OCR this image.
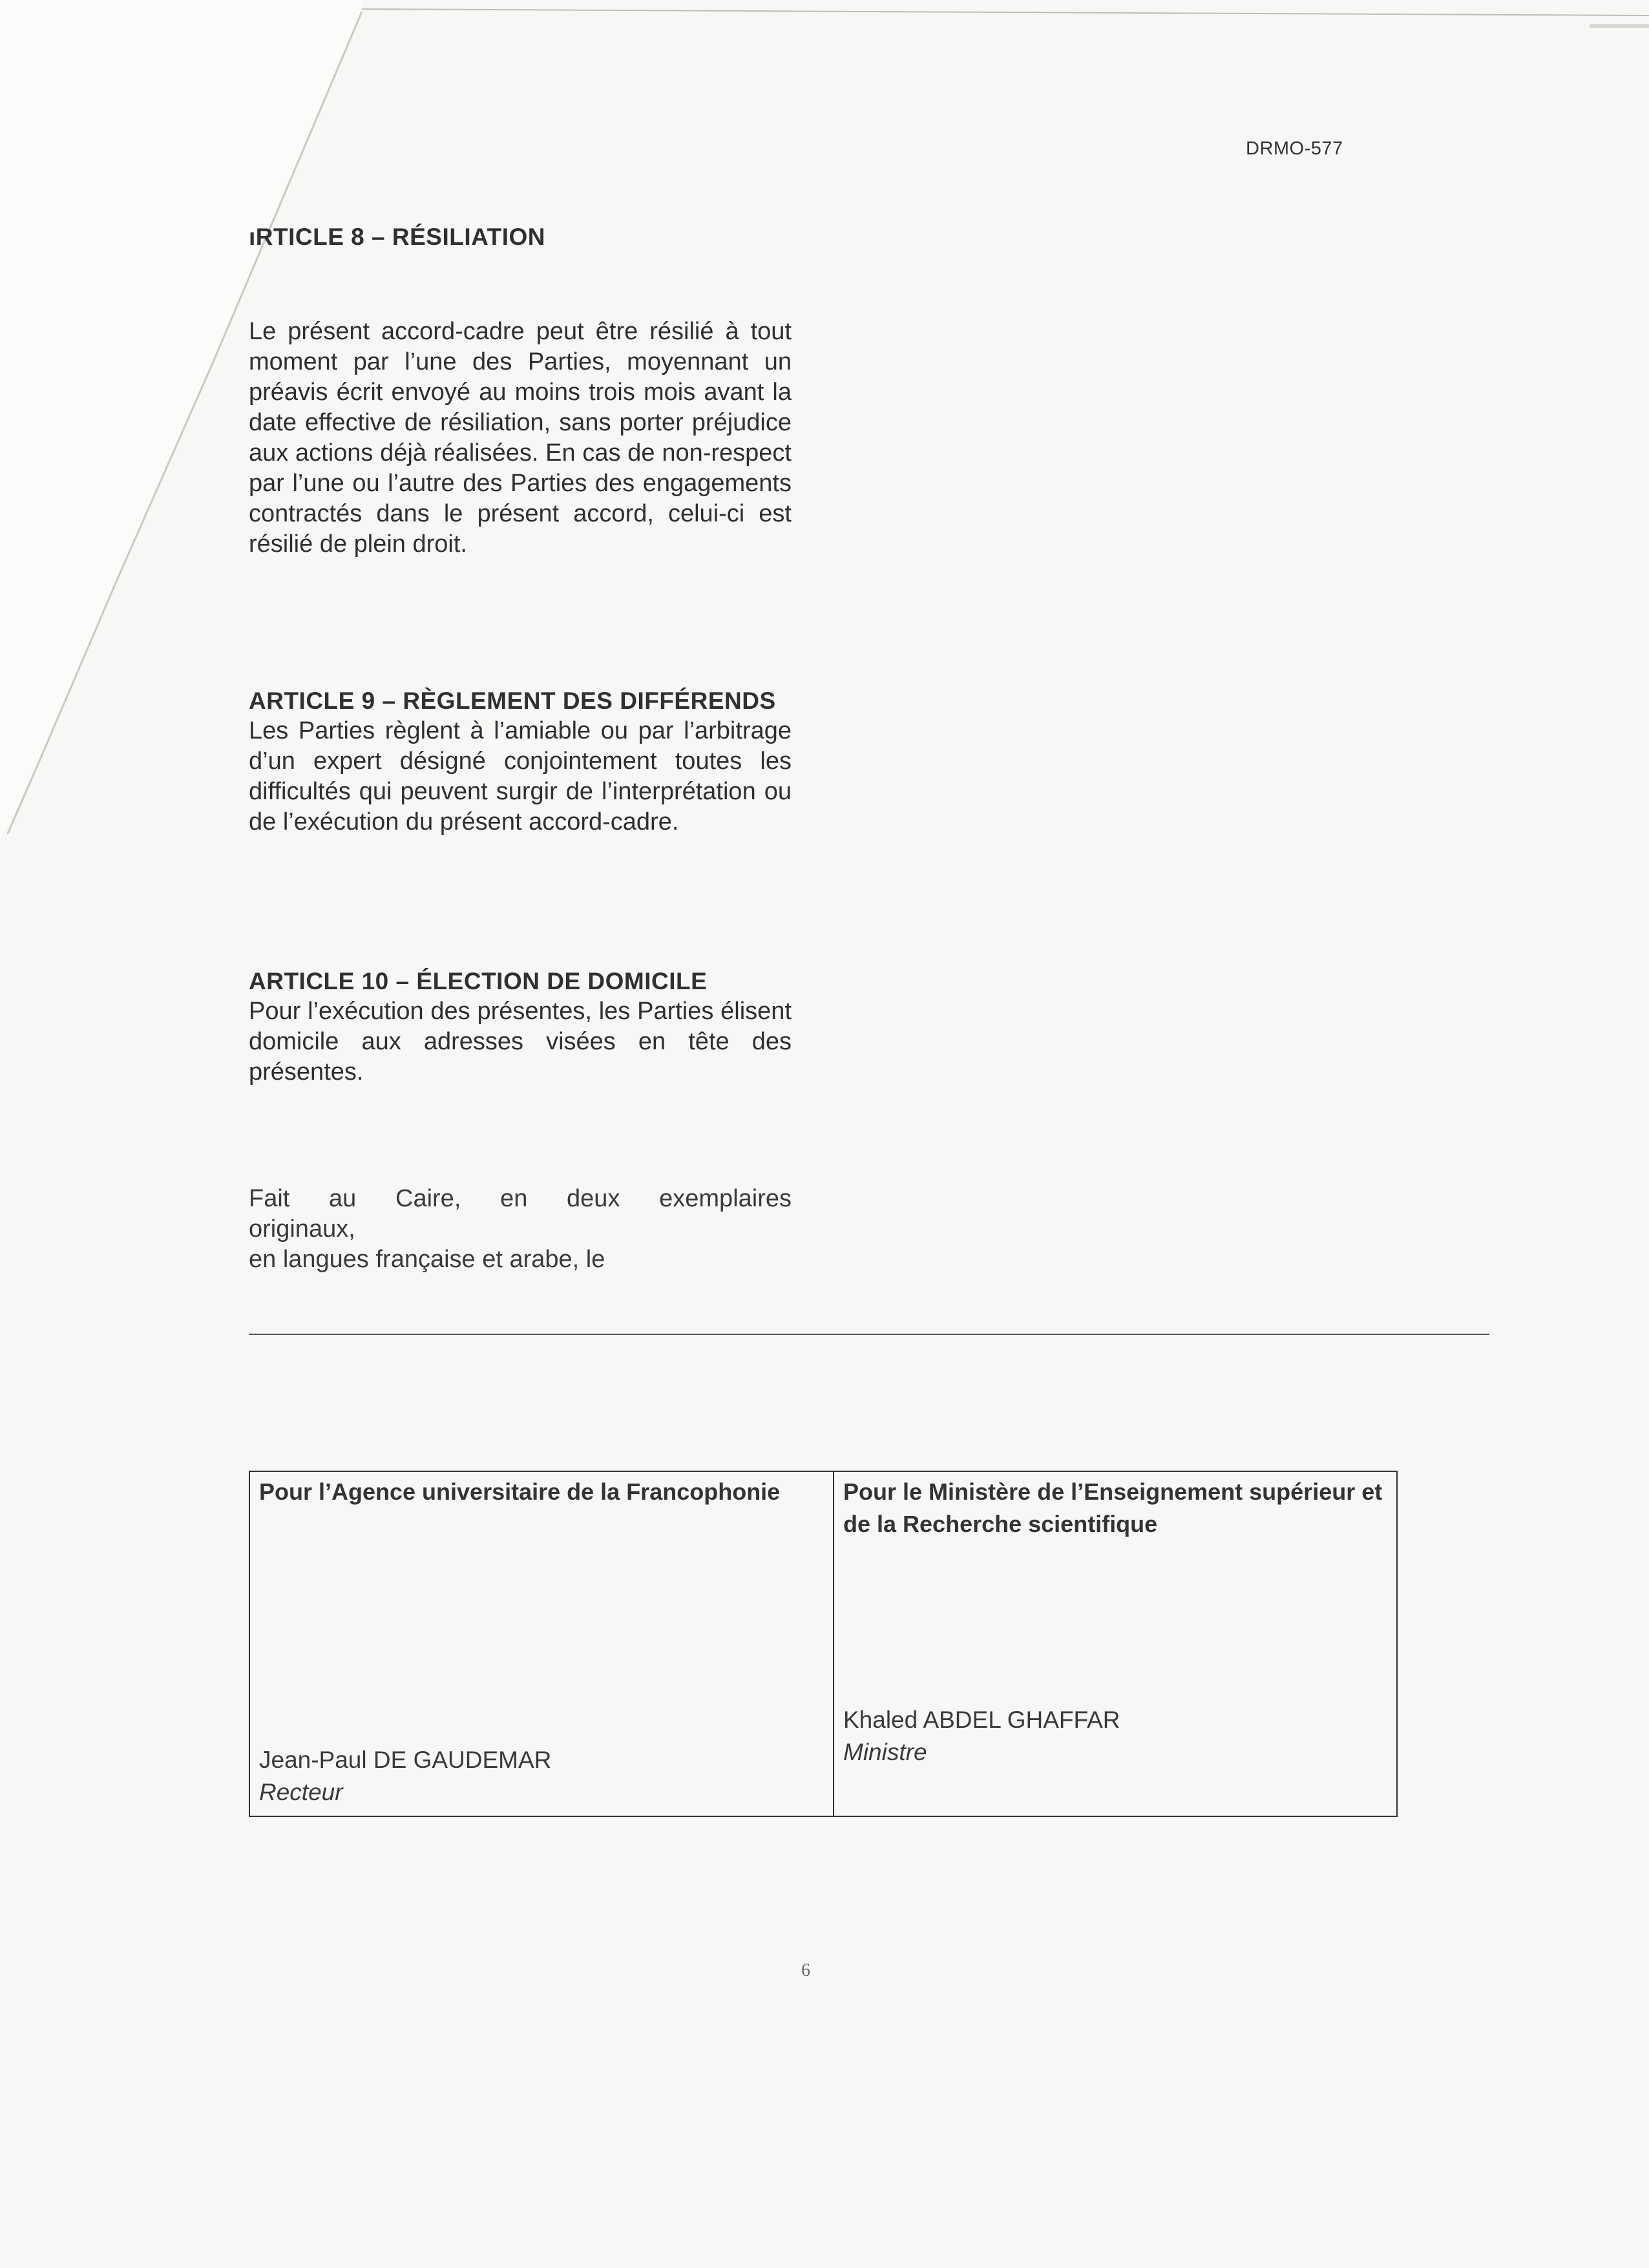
DRMO-577
ıRTICLE 8 – RÉSILIATION

Le présent accord-cadre peut être résilié à tout moment par l’une des Parties, moyennant un préavis écrit envoyé au moins trois mois avant la date effective de résiliation, sans porter préjudice aux actions déjà réalisées. En cas de non-respect par l’une ou l’autre des Parties des engagements contractés dans le présent accord, celui-ci est résilié de plein droit.

ARTICLE 9 – RÈGLEMENT DES DIFFÉRENDS

Les Parties règlent à l’amiable ou par l’arbitrage d’un expert désigné conjointement toutes les difficultés qui peuvent surgir de l’interprétation ou de l’exécution du présent accord-cadre.

ARTICLE 10 – ÉLECTION DE DOMICILE

Pour l’exécution des présentes, les Parties élisent domicile aux adresses visées en tête des présentes.

Fait au Caire, en deux exemplaires
originaux,
en langues française et arabe, le
Pour l’Agence universitaire de la Francophonie
Jean-Paul DE GAUDEMAR
Recteur
Pour le Ministère de l’Enseignement supérieur et de la Recherche scientifique
Khaled ABDEL GHAFFAR
Ministre
6
